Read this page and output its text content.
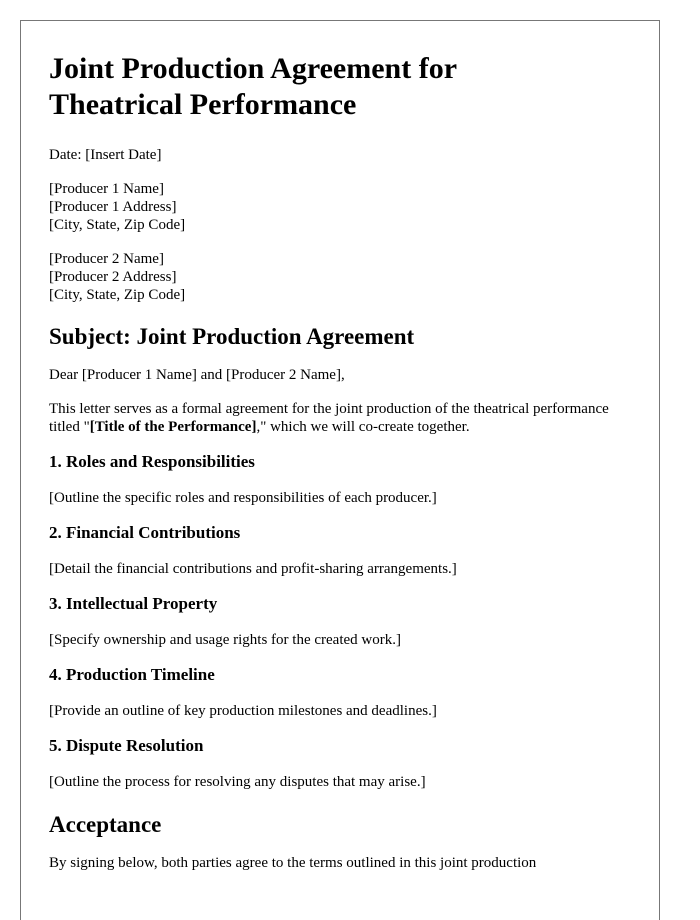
Joint Production Agreement for
Theatrical Performance
Date: [Insert Date]
[Producer 1 Name]
[Producer 1 Address]
[City, State, Zip Code]
[Producer 2 Name]
[Producer 2 Address]
[City, State, Zip Code]
Subject: Joint Production Agreement
Dear [Producer 1 Name] and [Producer 2 Name],
This letter serves as a formal agreement for the joint production of the theatrical performance titled "[Title of the Performance]," which we will co-create together.
1. Roles and Responsibilities
[Outline the specific roles and responsibilities of each producer.]
2. Financial Contributions
[Detail the financial contributions and profit-sharing arrangements.]
3. Intellectual Property
[Specify ownership and usage rights for the created work.]
4. Production Timeline
[Provide an outline of key production milestones and deadlines.]
5. Dispute Resolution
[Outline the process for resolving any disputes that may arise.]
Acceptance
By signing below, both parties agree to the terms outlined in this joint production
